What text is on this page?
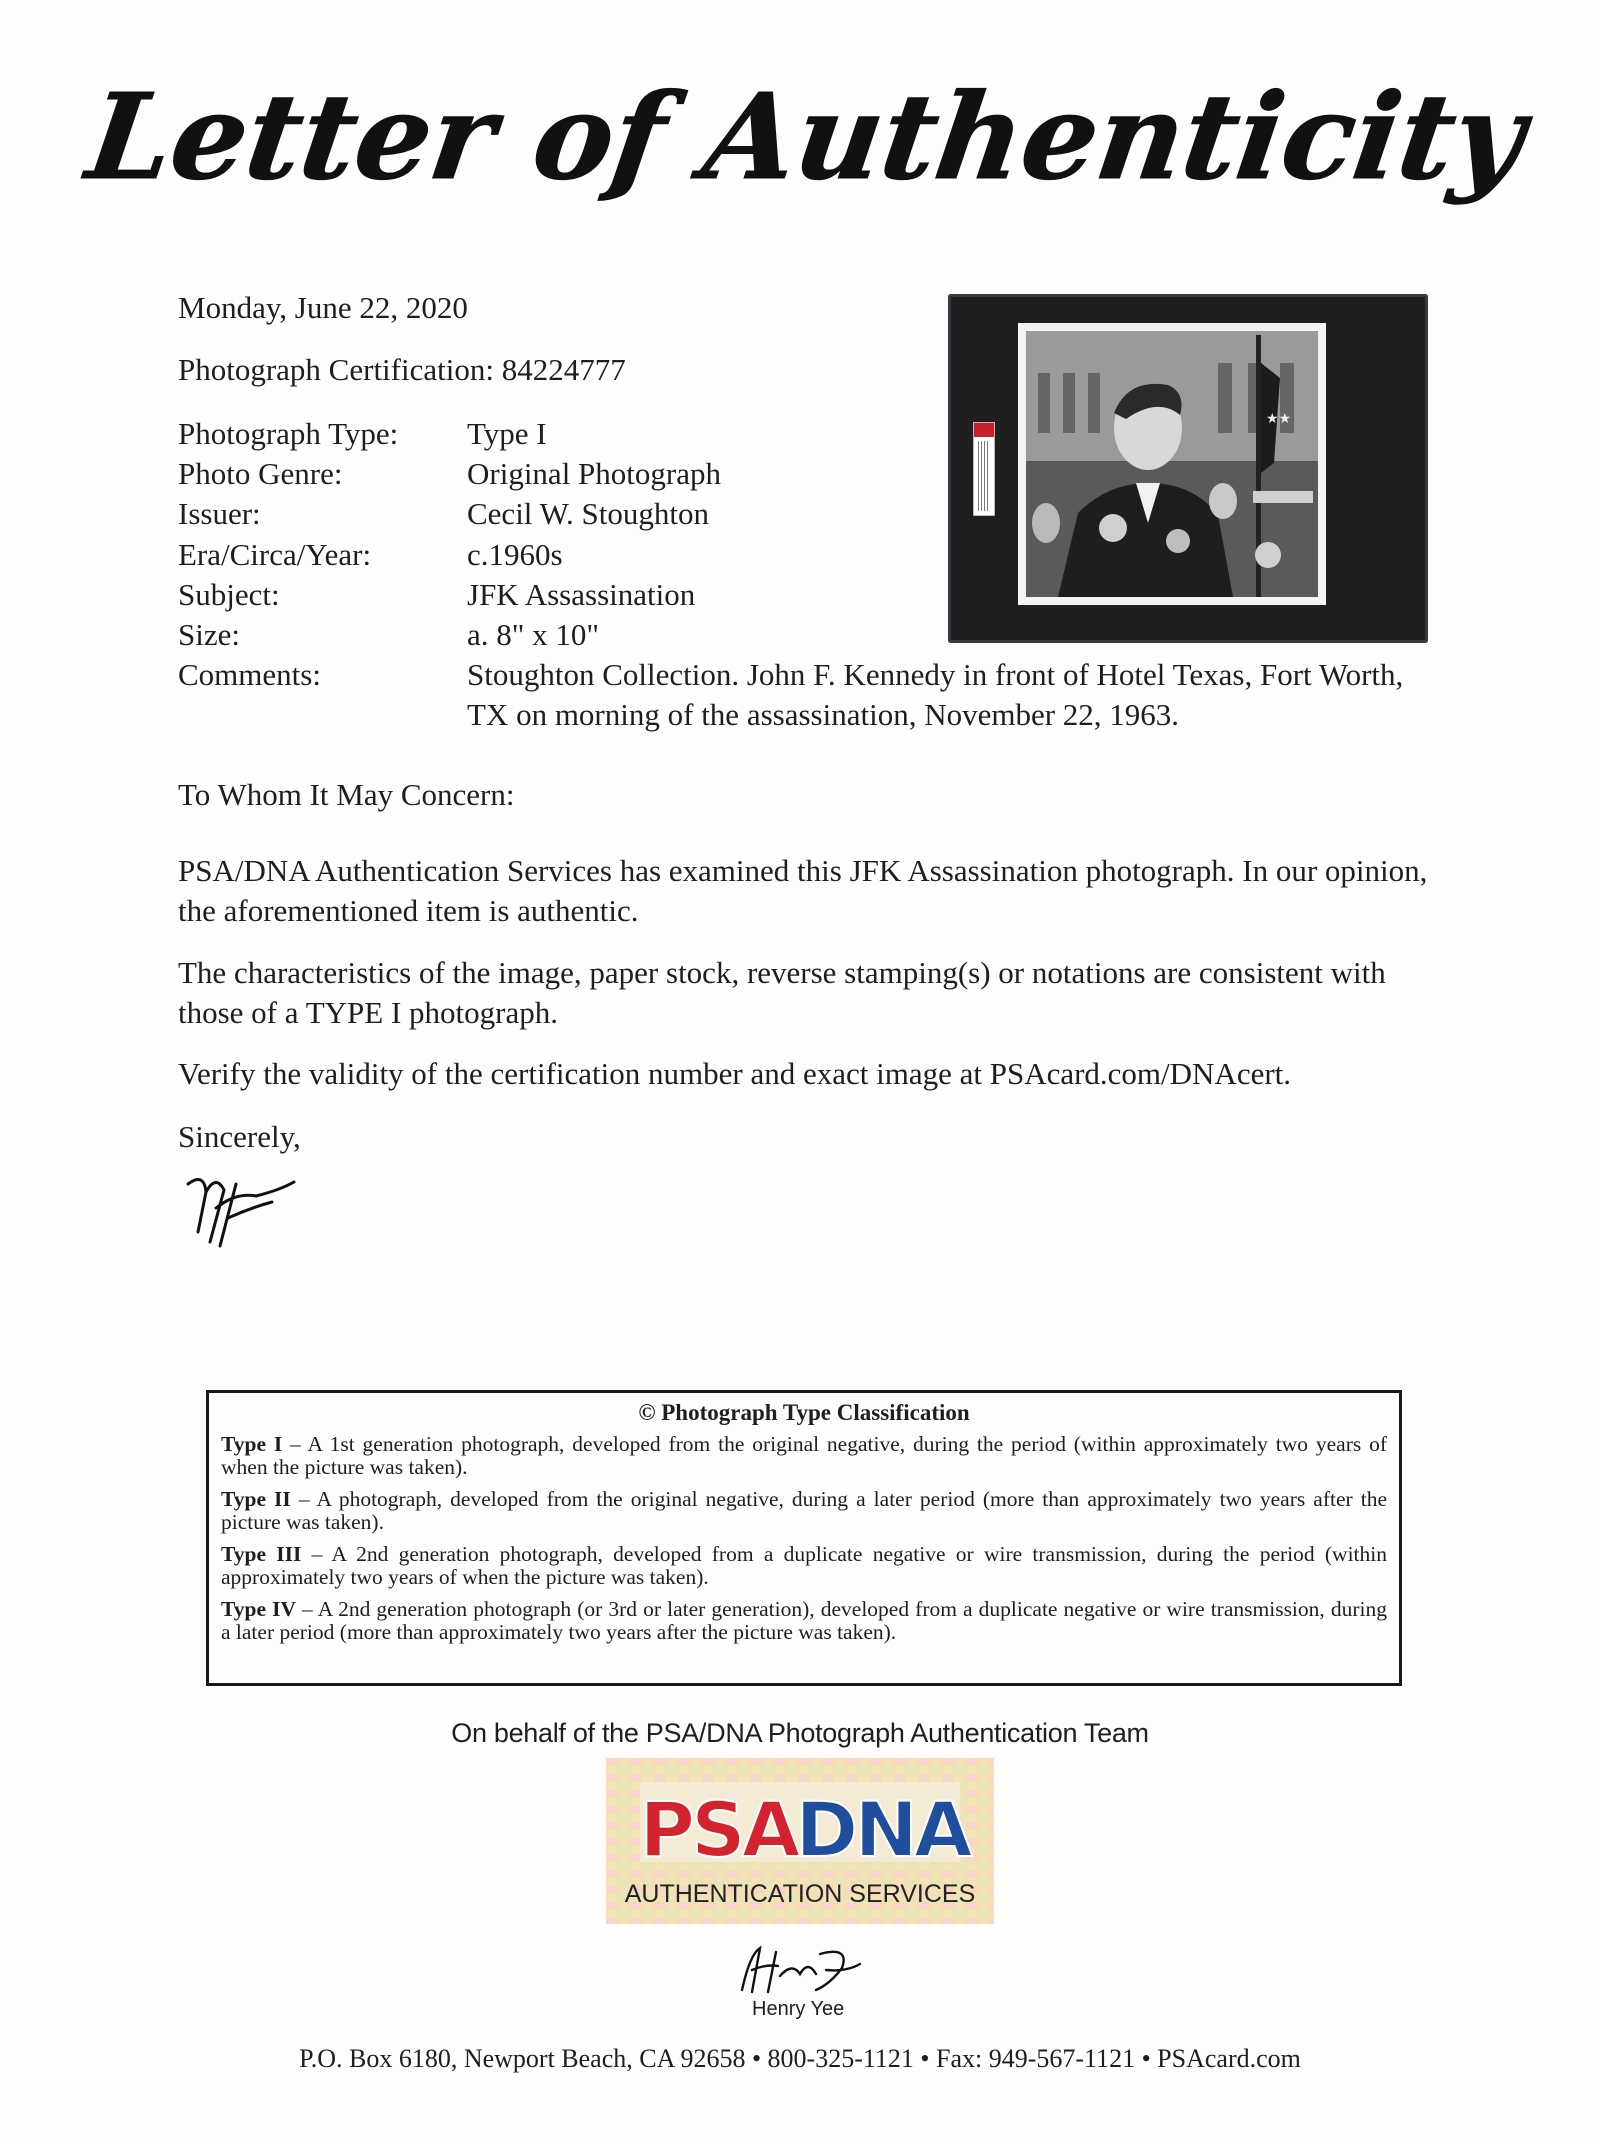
Letter of Authenticity
Monday, June 22, 2020
Photograph Certification: 84224777
Photograph Type:	Type I
Photo Genre:	Original Photograph
Issuer:	Cecil W. Stoughton
Era/Circa/Year:	c.1960s
Subject:	JFK Assassination
Size:	a. 8" x 10"
Comments:	Stoughton Collection. John F. Kennedy in front of Hotel Texas, Fort Worth, TX on morning of the assassination, November 22, 1963.
★★
To Whom It May Concern:
PSA/DNA Authentication Services has examined this JFK Assassination photograph. In our opinion, the aforementioned item is authentic.
The characteristics of the image, paper stock, reverse stamping(s) or notations are consistent with those of a TYPE I photograph.
Verify the validity of the certification number and exact image at PSAcard.com/DNAcert.
Sincerely,
© Photograph Type Classification
Type I – A 1st generation photograph, developed from the original negative, during the period (within approximately two years of when the picture was taken).
Type II – A photograph, developed from the original negative, during a later period (more than approximately two years after the picture was taken).
Type III – A 2nd generation photograph, developed from a duplicate negative or wire transmission, during the period (within approximately two years of when the picture was taken).
Type IV – A 2nd generation photograph (or 3rd or later generation), developed from a duplicate negative or wire transmission, during a later period (more than approximately two years after the picture was taken).
On behalf of the PSA/DNA Photograph Authentication Team
PSA
DNA
AUTHENTICATION SERVICES
Henry Yee
P.O. Box 6180, Newport Beach, CA 92658 • 800-325-1121 • Fax: 949-567-1121 • PSAcard.com
